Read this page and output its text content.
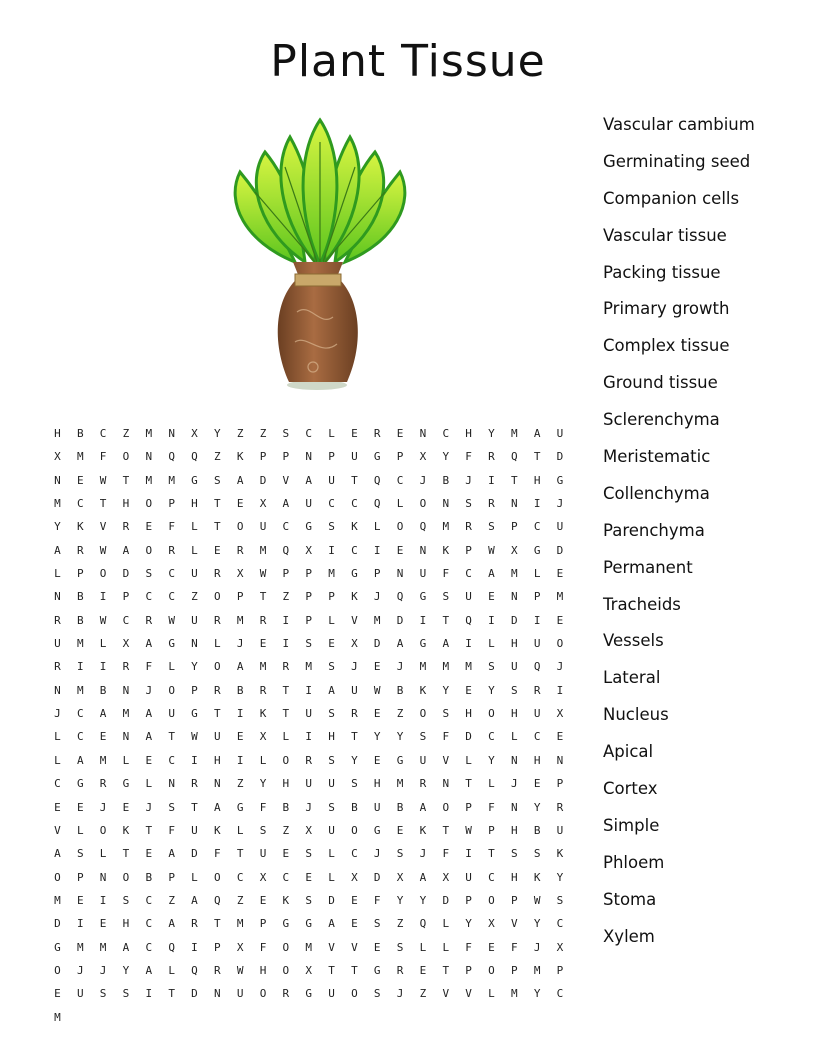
Plant Tissue
H	B	C	Z	M	N	X	Y	Z	Z	S	C	L	E	R	E	N	C	H	Y	M	A	U
X	M	F	O	N	Q	Q	Z	K	P	P	N	P	U	G	P	X	Y	F	R	Q	T	D
N	E	W	T	M	M	G	S	A	D	V	A	U	T	Q	C	J	B	J	I	T	H	G
M	C	T	H	O	P	H	T	E	X	A	U	C	C	Q	L	O	N	S	R	N	I	J
Y	K	V	R	E	F	L	T	O	U	C	G	S	K	L	O	Q	M	R	S	P	C	U
A	R	W	A	O	R	L	E	R	M	Q	X	I	C	I	E	N	K	P	W	X	G	D
L	P	O	D	S	C	U	R	X	W	P	P	M	G	P	N	U	F	C	A	M	L	E
N	B	I	P	C	C	Z	O	P	T	Z	P	P	K	J	Q	G	S	U	E	N	P	M
R	B	W	C	R	W	U	R	M	R	I	P	L	V	M	D	I	T	Q	I	D	I	E
U	M	L	X	A	G	N	L	J	E	I	S	E	X	D	A	G	A	I	L	H	U	O
R	I	I	R	F	L	Y	O	A	M	R	M	S	J	E	J	M	M	M	S	U	Q	J
N	M	B	N	J	O	P	R	B	R	T	I	A	U	W	B	K	Y	E	Y	S	R	I
J	C	A	M	A	U	G	T	I	K	T	U	S	R	E	Z	O	S	H	O	H	U	X
L	C	E	N	A	T	W	U	E	X	L	I	H	T	Y	Y	S	F	D	C	L	C	E
L	A	M	L	E	C	I	H	I	L	O	R	S	Y	E	G	U	V	L	Y	N	H	N
C	G	R	G	L	N	R	N	Z	Y	H	U	U	S	H	M	R	N	T	L	J	E	P
E	E	J	E	J	S	T	A	G	F	B	J	S	B	U	B	A	O	P	F	N	Y	R
V	L	O	K	T	F	U	K	L	S	Z	X	U	O	G	E	K	T	W	P	H	B	U
A	S	L	T	E	A	D	F	T	U	E	S	L	C	J	S	J	F	I	T	S	S	K
O	P	N	O	B	P	L	O	C	X	C	E	L	X	D	X	A	X	U	C	H	K	Y
M	E	I	S	C	Z	A	Q	Z	E	K	S	D	E	F	Y	Y	D	P	O	P	W	S
D	I	E	H	C	A	R	T	M	P	G	G	A	E	S	Z	Q	L	Y	X	V	Y	C
G	M	M	A	C	Q	I	P	X	F	O	M	V	V	E	S	L	L	F	E	F	J	X
O	J	J	Y	A	L	Q	R	W	H	O	X	T	T	G	R	E	T	P	O	P	M	P
E	U	S	S	I	T	D	N	U	O	R	G	U	O	S	J	Z	V	V	L	M	Y	C
M
Vascular cambium
Germinating seed
Companion cells
Vascular tissue
Packing tissue
Primary growth
Complex tissue
Ground tissue
Sclerenchyma
Meristematic
Collenchyma
Parenchyma
Permanent
Tracheids
Vessels
Lateral
Nucleus
Apical
Cortex
Simple
Phloem
Stoma
Xylem
